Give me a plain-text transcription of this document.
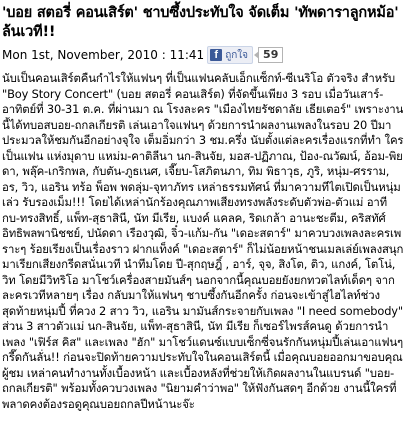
'บอย สตอรี่ คอนเสิร์ต' ชาบซึ้งประทับใจ จัดเต็ม 'ทัพดาราลูกหม้อ' ล้นเวที!!
Mon 1st, November, 2010 : 11:41 f ถูกใจ	59

นับเป็นคอนเสิร์ตคืนกำไรให้แฟนๆ ที่เป็นแฟนคลับเอ็กแซ็กท์-ซีเนริโอ ตัวจริง สำหรับ "Boy Story Concert" (บอย สตอรี่ คอนเสิร์ต) ที่จัดขึ้นเพียง 3 รอบ เมื่อวันเสาร์-อาทิตย์ที่ 30-31 ต.ค. ที่ผ่านมา ณ โรงละคร "เมืองไทยรัชดาลัย เธียเตอร์" เพราะงานนี้ได้ทบอสบอย-ถกลเกียรติ เล่นเอาใจแฟนๆ ด้วยการนำผลงานเพลงในรอบ 20 ปีมาประมวลให้ชมกันอีกอย่างจุใจ เต็มอิ่มกว่า 3 ชม.ครึ่ง นับตั้งแต่ละครเรื่องแรกที่ทำ ใครเป็นแฟน แห่งมุดาบ แหม่ม-คาติลีนา นก-สินจัย, มอส-ปฏิภาณ, ป้อง-ณวัฒน์, อ้อม-พิยดา, พลุ๊ค-เกริกพล, กับตัน-ภูธเนศ, เจี๊ยบ-โสภิตนภา, ทิม พิธาวุธ, ภูริ, หนุ่ม-ศรราม, อร, วิว, แอริน ทร้อ พ็อพ พดลุ่ม-จุทาภัทร เหล่าธรรมทัศน์ ที่มาความทีไตเปิดเป็นหนุ่มเล่ว รับรองเม็ม!!! โดยได้เหล่านักร้องคุณภาพเสียงทรงพลังระดับตัวพ่อ-ตัวแม่ อาที กบ-ทรงสิทธิ์, แพ็ท-สุธาสินี, นัท มีเรีย, แบงค์ แคลค, ริดเกล้า อานะชะตีม, คริสทัศ์ อิทธิพลพานิชชย์, ปนัดดา เรืองวุฒิ, จิ๋ว-แก้ม-กัน "เดอะสตาร์" มาควบวงเพลงละครเพราะๆ ร้อยเรียงเป็นเรื่องราว ฝากแท็งค์ "เดอะสตาร์" ก็ไม่น้อยหน้าชนเมลเล่ย์เพลงสนุก มาเรียกเสียงกรีดสนั่นเวที นำทีมโดย ปี-สุกฤษฎิ์ , อาร์, จุจ, สิงโต, ติว, แกงค์, โตโน่, วิท โดยมีวิทริโอ มาโชว์เครื่องสายมันส์ๆ นอกจากนี้คุณบอยยังยกทวตไลท์เด็ดๆ จากละครเวทีหลายๆ เรื่อง กลับมาให้แฟนๆ ชาบซึ้งกันอีกครั้ง ก่อนจะเข้าสู่ไฮไลท์ช่วงสุดท้ายหนุ่มปี้ ที่ควง 2 สาว วิว, แอริน มามันส์กระจายกับเพลง "I need somebody" ส่วน 3 สาวตัวแม่ นก-สินจัย, แพ็ท-สุธาสินี, นัท มีเรีย ก็เซอร์ไพรส์คนดู ด้วยการนำเพลง "เฟิร์ส คิส" และเพลง "ฮัก" มาโชว์แดนซ์แบบเซ็กซี่จนรักกันหนุ่มปี้เล่นเอาแฟนๆ กรี๊ดกันลั่น!! ก่อนจะปิดท้ายความประทับใจในคอนเสิร์ตนี้ เมื่อคุณบอยออกมาขอบคุณผู้ชม เหล่าคนทำงานทั้งเบื้องหน้า และเบื้องหลังที่ช่วยให้เกิดผลงานในแบรนด์ "บอย-ถกลเกียรติ" พร้อมทั้งควบวงเพลง "นิยามคำว่าพอ" ให้ฟังกันสดๆ อีกด้วย งานนี้ใครที่พลาดคงต้องรอดูคุณบอยถกลปีหน้านะจ๊ะ
